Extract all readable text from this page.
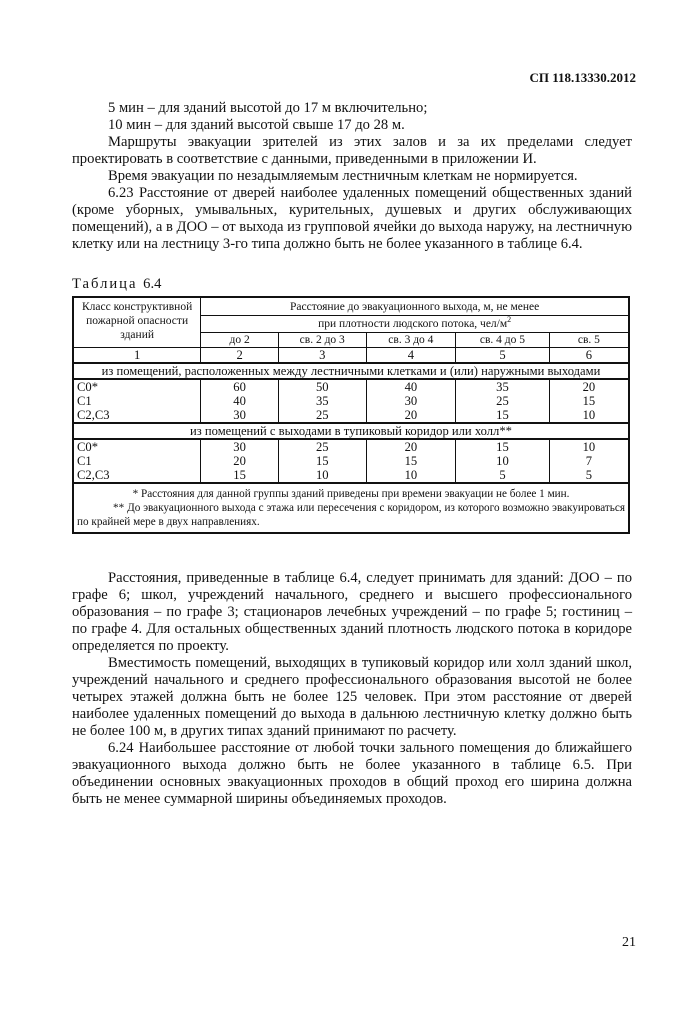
СП 118.13330.2012

5 мин – для зданий высотой до 17 м включительно;

10 мин – для зданий высотой свыше 17 до 28 м.

Маршруты эвакуации зрителей из этих залов и за их пределами следует проектировать в соответствие с данными, приведенными в приложении И.

Время эвакуации по незадымляемым лестничным клеткам не нормируется.

6.23 Расстояние от дверей наиболее удаленных помещений общественных зданий (кроме уборных, умывальных, курительных, душевых и других обслуживающих помещений), а в ДОО – от выхода из групповой ячейки до выхода наружу, на лестничную клетку или на лестницу 3-го типа должно быть не более указанного в таблице 6.4.

Таблица 6.4
Класс конструктивной пожарной опасности зданий	Расстояние до эвакуационного выхода, м, не менее				
	при плотности людского потока, чел/$м^2$
	до 2	св. 2 до 3	св. 3 до 4	св. 4 до 5	св. 5
1	2	3	4	5	6
из помещений, расположенных между лестничными клетками и (или) наружными выходами					
С0*	60	50	40	35	20
С1	40	35	30	25	15
С2,С3	30	25	20	15	10
из помещений с выходами в тупиковый коридор или холл**					
С0*	30	25	20	15	10
С1	20	15	15	10	7
С2,С3	15	10	10	5	5

* Расстояния для данной группы зданий приведены при времени эвакуации не более 1 мин.
** До эвакуационного выхода с этажа или пересечения с коридором, из которого возможно эвакуироваться по крайней мере в двух направлениях.					

Расстояния, приведенные в таблице 6.4, следует принимать для зданий: ДОО – по графе 6; школ, учреждений начального, среднего и высшего профессионального образования – по графе 3; стационаров лечебных учреждений – по графе 5; гостиниц – по графе 4. Для остальных общественных зданий плотность людского потока в коридоре определяется по проекту.

Вместимость помещений, выходящих в тупиковый коридор или холл зданий школ, учреждений начального и среднего профессионального образования высотой не более четырех этажей должна быть не более 125 человек. При этом расстояние от дверей наиболее удаленных помещений до выхода в дальнюю лестничную клетку должно быть не более 100 м, в других типах зданий принимают по расчету.

6.24 Наибольшее расстояние от любой точки зального помещения до ближайшего эвакуационного выхода должно быть не более указанного в таблице 6.5. При объединении основных эвакуационных проходов в общий проход его ширина должна быть не менее суммарной ширины объединяемых проходов.

21
